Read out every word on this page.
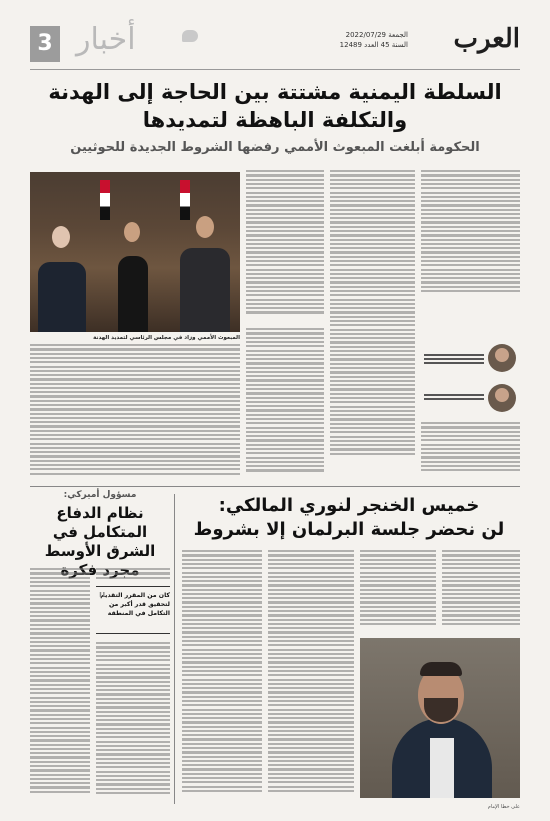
العرب
الجمعة 2022/07/29
السنة 45 العدد 12489
أخبار
3
السلطة اليمنية مشتتة بين الحاجة إلى الهدنة
والتكلفة الباهظة لتمديدها
الحكومة أبلغت المبعوث الأممي رفضها الشروط الجديدة للحوثيين
المبعوث الأممي وزاد في مجلس الرئاسي لتمديد الهدنة
مسؤول أميركي:
نظام الدفاع المتكامل في الشرق الأوسط
"
كان من المقرر التقديم لتحقيق قدر أكبر من التكامل في المنطقة
خميس الخنجر لنوري المالكي:
لن نحضر جلسة البرلمان إلا بشروط
على خطا الإمام
